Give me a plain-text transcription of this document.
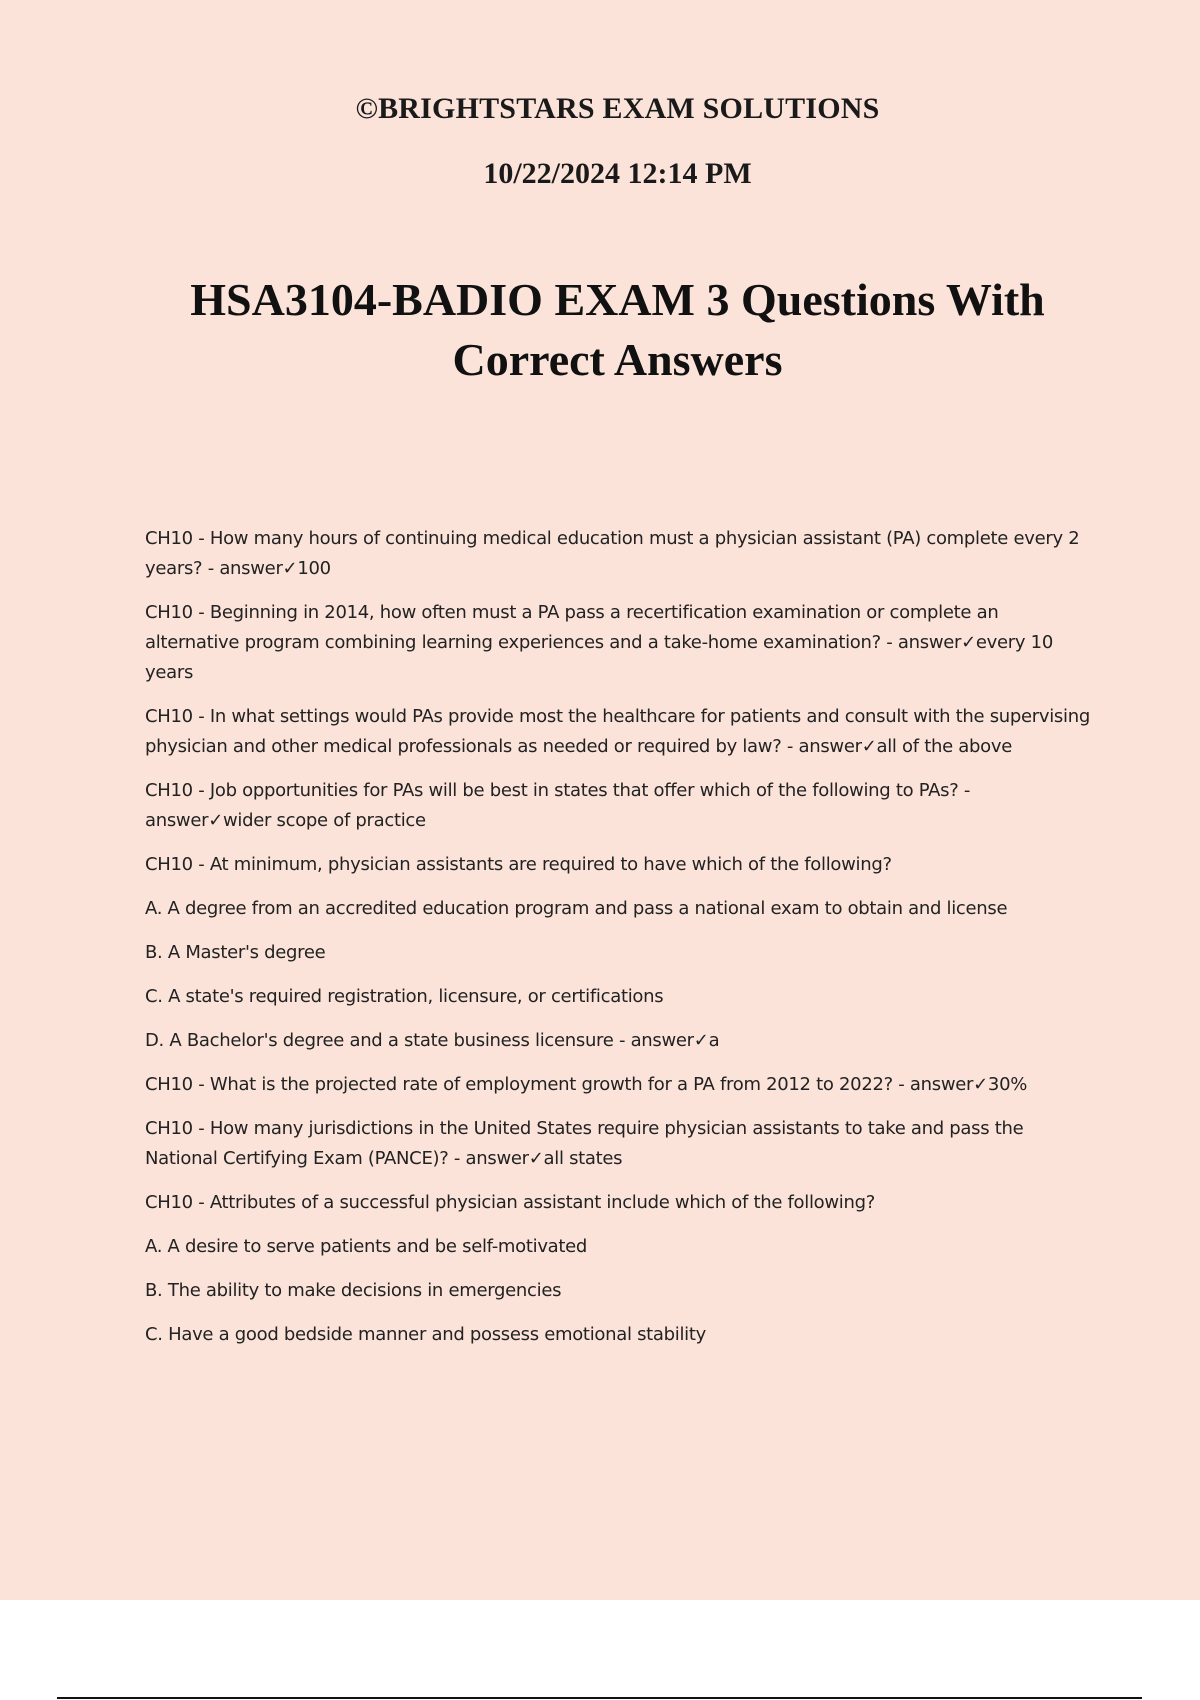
©BRIGHTSTARS EXAM SOLUTIONS
10/22/2024 12:14 PM
HSA3104-BADIO EXAM 3 Questions With Correct Answers

CH10 - How many hours of continuing medical education must a physician assistant (PA) complete every 2 years? - answer✓100

CH10 - Beginning in 2014, how often must a PA pass a recertification examination or complete an alternative program combining learning experiences and a take-home examination? - answer✓every 10 years

CH10 - In what settings would PAs provide most the healthcare for patients and consult with the supervising physician and other medical professionals as needed or required by law? - answer✓all of the above

CH10 - Job opportunities for PAs will be best in states that offer which of the following to PAs? - answer✓wider scope of practice

CH10 - At minimum, physician assistants are required to have which of the following?

A. A degree from an accredited education program and pass a national exam to obtain and license

B. A Master's degree

C. A state's required registration, licensure, or certifications

D. A Bachelor's degree and a state business licensure - answer✓a

CH10 - What is the projected rate of employment growth for a PA from 2012 to 2022? - answer✓30%

CH10 - How many jurisdictions in the United States require physician assistants to take and pass the National Certifying Exam (PANCE)? - answer✓all states

CH10 - Attributes of a successful physician assistant include which of the following?

A. A desire to serve patients and be self-motivated

B. The ability to make decisions in emergencies

C. Have a good bedside manner and possess emotional stability
